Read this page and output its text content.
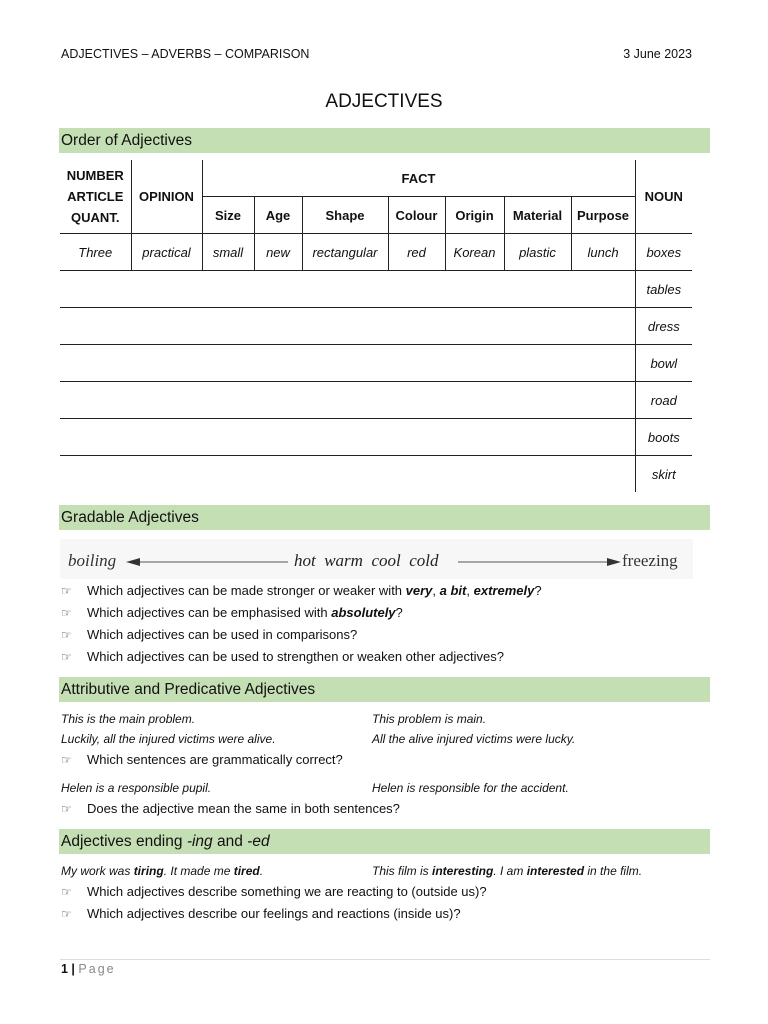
ADJECTIVES – ADVERBS – COMPARISON	3 June 2023
ADJECTIVES
Order of Adjectives
NUMBER
ARTICLE
QUANT.	OPINION	FACT							NOUN
		Size	Age	Shape	Colour	Origin	Material	Purpose	
Three	practical	small	new	rectangular	red	Korean	plastic	lunch	boxes
									tables
									dress
									bowl
									road
									boots
									skirt
Gradable Adjectives
boiling	hot  warm  cool  cold	freezing
☞ Which adjectives can be made stronger or weaker with very, a bit, extremely?
☞ Which adjectives can be emphasised with absolutely?
☞ Which adjectives can be used in comparisons?
☞ Which adjectives can be used to strengthen or weaken other adjectives?
Attributive and Predicative Adjectives
This is the main problem.	This problem is main.
Luckily, all the injured victims were alive.	All the alive injured victims were lucky.
☞ Which sentences are grammatically correct?
Helen is a responsible pupil.	Helen is responsible for the accident.
☞ Does the adjective mean the same in both sentences?
Adjectives ending -ing and -ed
My work was tiring. It made me tired.	This film is interesting. I am interested in the film.
☞ Which adjectives describe something we are reacting to (outside us)?
☞ Which adjectives describe our feelings and reactions (inside us)?
1 | Page
